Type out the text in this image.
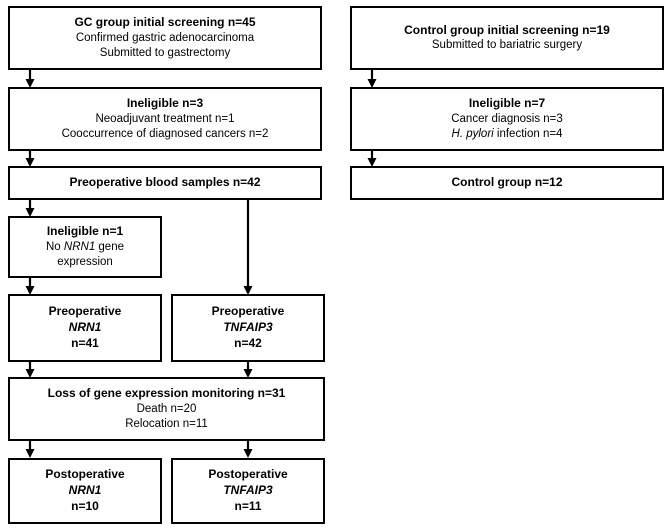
GC group initial screening n=45
Confirmed gastric adenocarcinoma
Submitted to gastrectomy
Control group initial screening n=19
Submitted to bariatric surgery
Ineligible n=3
Neoadjuvant treatment n=1
Cooccurrence of diagnosed cancers n=2
Ineligible n=7
Cancer diagnosis n=3
H. pylori infection n=4
Preoperative blood samples n=42	Control group n=12
Ineligible n=1
No NRN1 gene
expression
Preoperative
NRN1
n=41
Preoperative
TNFAIP3
n=42
Loss of gene expression monitoring n=31
Death n=20
Relocation n=11
Postoperative
NRN1
n=10
Postoperative
TNFAIP3
n=11
